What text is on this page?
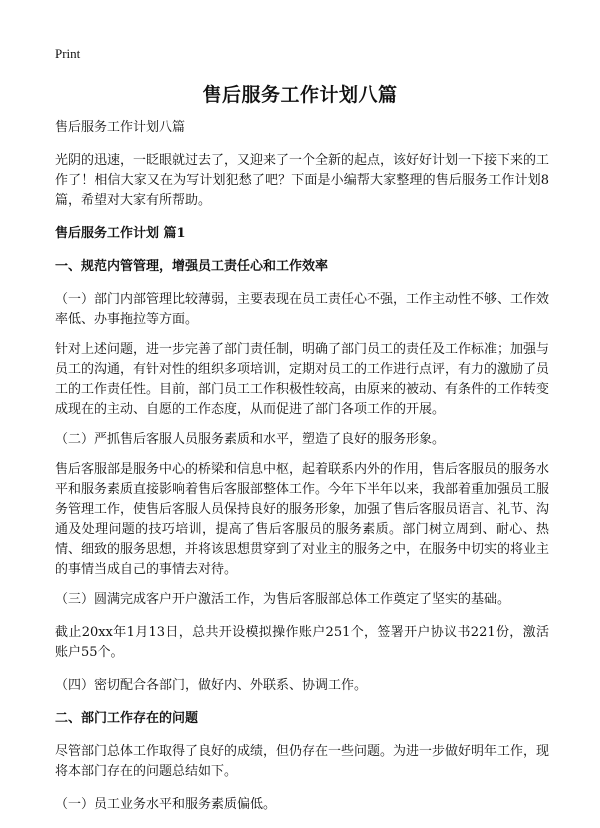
Print
售后服务工作计划八篇

售后服务工作计划八篇

光阴的迅速，一眨眼就过去了，又迎来了一个全新的起点，该好好计划一下接下来的工作了！相信大家又在为写计划犯愁了吧？下面是小编帮大家整理的售后服务工作计划8篇，希望对大家有所帮助。

售后服务工作计划 篇1
一、规范内管管理，增强员工责任心和工作效率

（一）部门内部管理比较薄弱，主要表现在员工责任心不强，工作主动性不够、工作效率低、办事拖拉等方面。

针对上述问题，进一步完善了部门责任制，明确了部门员工的责任及工作标准；加强与员工的沟通，有针对性的组织多项培训，定期对员工的工作进行点评，有力的激励了员工的工作责任性。目前，部门员工工作积极性较高，由原来的被动、有条件的工作转变成现在的主动、自愿的工作态度，从而促进了部门各项工作的开展。

（二）严抓售后客服人员服务素质和水平，塑造了良好的服务形象。

售后客服部是服务中心的桥梁和信息中枢，起着联系内外的作用，售后客服员的服务水平和服务素质直接影响着售后客服部整体工作。今年下半年以来，我部着重加强员工服务管理工作，使售后客服人员保持良好的服务形象，加强了售后客服员语言、礼节、沟通及处理问题的技巧培训，提高了售后客服员的服务素质。部门树立周到、耐心、热情、细致的服务思想，并将该思想贯穿到了对业主的服务之中，在服务中切实的将业主的事情当成自己的事情去对待。

（三）圆满完成客户开户激活工作，为售后客服部总体工作奠定了坚实的基础。

截止20xx年1月13日，总共开设模拟操作账户251个，签署开户协议书221份，激活账户55个。

（四）密切配合各部门，做好内、外联系、协调工作。

二、部门工作存在的问题

尽管部门总体工作取得了良好的成绩，但仍存在一些问题。为进一步做好明年工作，现将本部门存在的问题总结如下。

（一）员工业务水平和服务素质偏低。
